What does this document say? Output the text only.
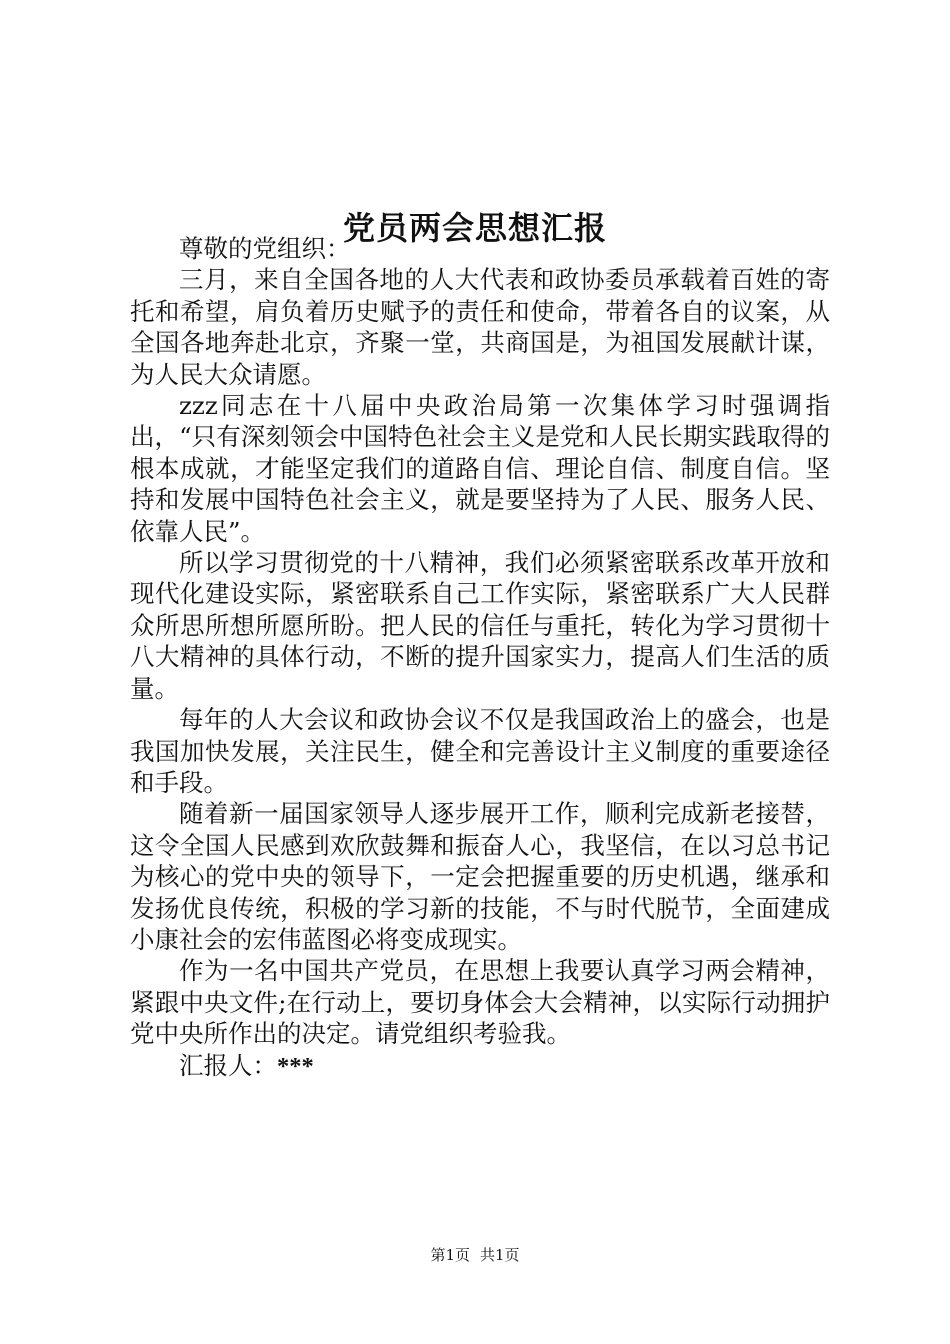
党员两会思想汇报

尊敬的党组织：

三月，来自全国各地的人大代表和政协委员承载着百姓的寄托和希望，肩负着历史赋予的责任和使命，带着各自的议案，从全国各地奔赴北京，齐聚一堂，共商国是，为祖国发展献计谋，为人民大众请愿。

zzz同志在十八届中央政治局第一次集体学习时强调指出，“只有深刻领会中国特色社会主义是党和人民长期实践取得的根本成就，才能坚定我们的道路自信、理论自信、制度自信。坚持和发展中国特色社会主义，就是要坚持为了人民、服务人民、依靠人民”。

所以学习贯彻党的十八精神，我们必须紧密联系改革开放和现代化建设实际，紧密联系自己工作实际，紧密联系广大人民群众所思所想所愿所盼。把人民的信任与重托，转化为学习贯彻十八大精神的具体行动，不断的提升国家实力，提高人们生活的质量。

每年的人大会议和政协会议不仅是我国政治上的盛会，也是我国加快发展，关注民生，健全和完善设计主义制度的重要途径和手段。

随着新一届国家领导人逐步展开工作，顺利完成新老接替，这令全国人民感到欢欣鼓舞和振奋人心，我坚信，在以习总书记为核心的党中央的领导下，一定会把握重要的历史机遇，继承和发扬优良传统，积极的学习新的技能，不与时代脱节，全面建成小康社会的宏伟蓝图必将变成现实。

作为一名中国共产党员，在思想上我要认真学习两会精神，紧跟中央文件;在行动上，要切身体会大会精神，以实际行动拥护党中央所作出的决定。请党组织考验我。

汇报人：***

第1页 共1页
